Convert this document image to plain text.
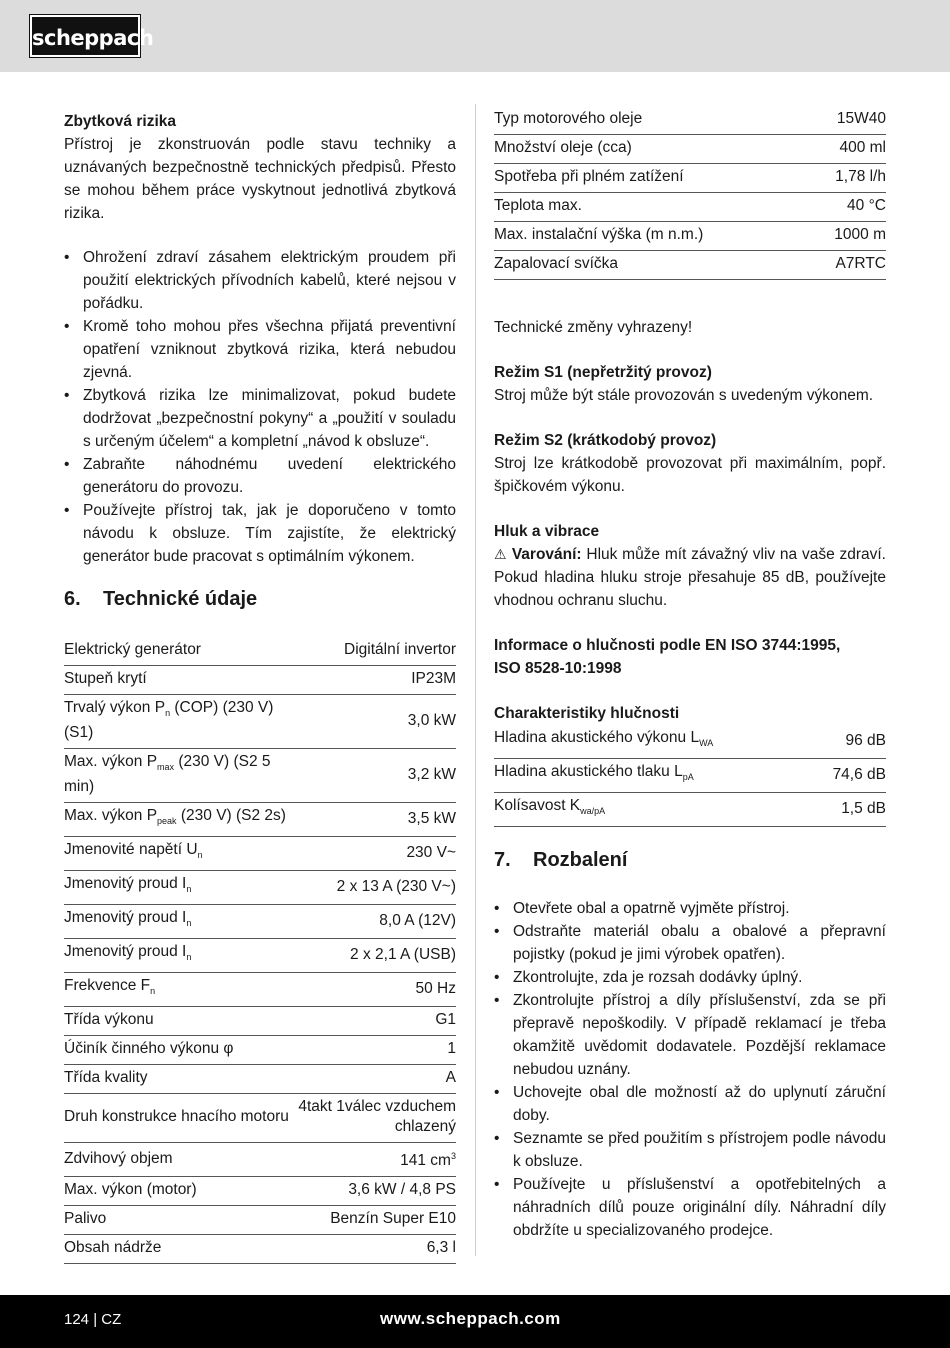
scheppach
Zbytková rizika
Přístroj je zkonstruován podle stavu techniky a uznávaných bezpečnostně technických předpisů. Přesto se mohou během práce vyskytnout jednotlivá zbytková rizika.
• Ohrožení zdraví zásahem elektrickým proudem při použití elektrických přívodních kabelů, které nejsou v pořádku.
• Kromě toho mohou přes všechna přijatá preventivní opatření vzniknout zbytková rizika, která nebudou zjevná.
• Zbytková rizika lze minimalizovat, pokud budete dodržovat „bezpečnostní pokyny“ a „použití v souladu s určeným účelem“ a kompletní „návod k obsluze“.
• Zabraňte náhodnému uvedení elektrického generátoru do provozu.
• Používejte přístroj tak, jak je doporučeno v tomto návodu k obsluze. Tím zajistíte, že elektrický generátor bude pracovat s optimálním výkonem.
6.	Technické údaje
Elektrický generátor	Digitální invertor
Stupeň krytí	IP23M
Trvalý výkon $P_n$ (COP) (230 V) (S1)	3,0 kW
Max. výkon $P_{max}$ (230 V) (S2 5 min)	3,2 kW
Max. výkon $P_{peak}$ (230 V) (S2 2s)	3,5 kW
Jmenovité napětí $U_n$	230 V~
Jmenovitý proud $I_n$	2 x 13 A (230 V~)
Jmenovitý proud $I_n$	8,0 A (12V)
Jmenovitý proud $I_n$	2 x 2,1 A (USB)
Frekvence $F_n$	50 Hz
Třída výkonu	G1
Účiník činného výkonu φ	1
Třída kvality	A
Druh konstrukce hnacího motoru	4takt 1válec vzduchem chlazený
Zdvihový objem	141 $cm^3$
Max. výkon (motor)	3,6 kW / 4,8 PS
Palivo	Benzín Super E10
Obsah nádrže	6,3 l
Typ motorového oleje	15W40
Množství oleje (cca)	400 ml
Spotřeba při plném zatížení	1,78 l/h
Teplota max.	40 °C
Max. instalační výška (m n.m.)	1000 m
Zapalovací svíčka	A7RTC
Technické změny vyhrazeny!
Režim S1 (nepřetržitý provoz)
Stroj může být stále provozován s uvedeným výkonem.
Režim S2 (krátkodobý provoz)
Stroj lze krátkodobě provozovat při maximálním, popř. špičkovém výkonu.
Hluk a vibrace
⚠ Varování: Hluk může mít závažný vliv na vaše zdraví. Pokud hladina hluku stroje přesahuje 85 dB, používejte vhodnou ochranu sluchu.
Informace o hlučnosti podle EN ISO 3744:1995, ISO 8528-10:1998
Charakteristiky hlučnosti
Hladina akustického výkonu $L_{WA}$	96 dB
Hladina akustického tlaku $L_{pA}$	74,6 dB
Kolísavost $K_{wa/pA}$	1,5 dB
7.	Rozbalení
• Otevřete obal a opatrně vyjměte přístroj.
• Odstraňte materiál obalu a obalové a přepravní pojistky (pokud je jimi výrobek opatřen).
• Zkontrolujte, zda je rozsah dodávky úplný.
• Zkontrolujte přístroj a díly příslušenství, zda se při přepravě nepoškodily. V případě reklamací je třeba okamžitě uvědomit dodavatele. Pozdější reklamace nebudou uznány.
• Uchovejte obal dle možností až do uplynutí záruční doby.
• Seznamte se před použitím s přístrojem podle návodu k obsluze.
• Používejte u příslušenství a opotřebitelných a náhradních dílů pouze originální díly. Náhradní díly obdržíte u specializovaného prodejce.
124 | CZ	www.scheppach.com
